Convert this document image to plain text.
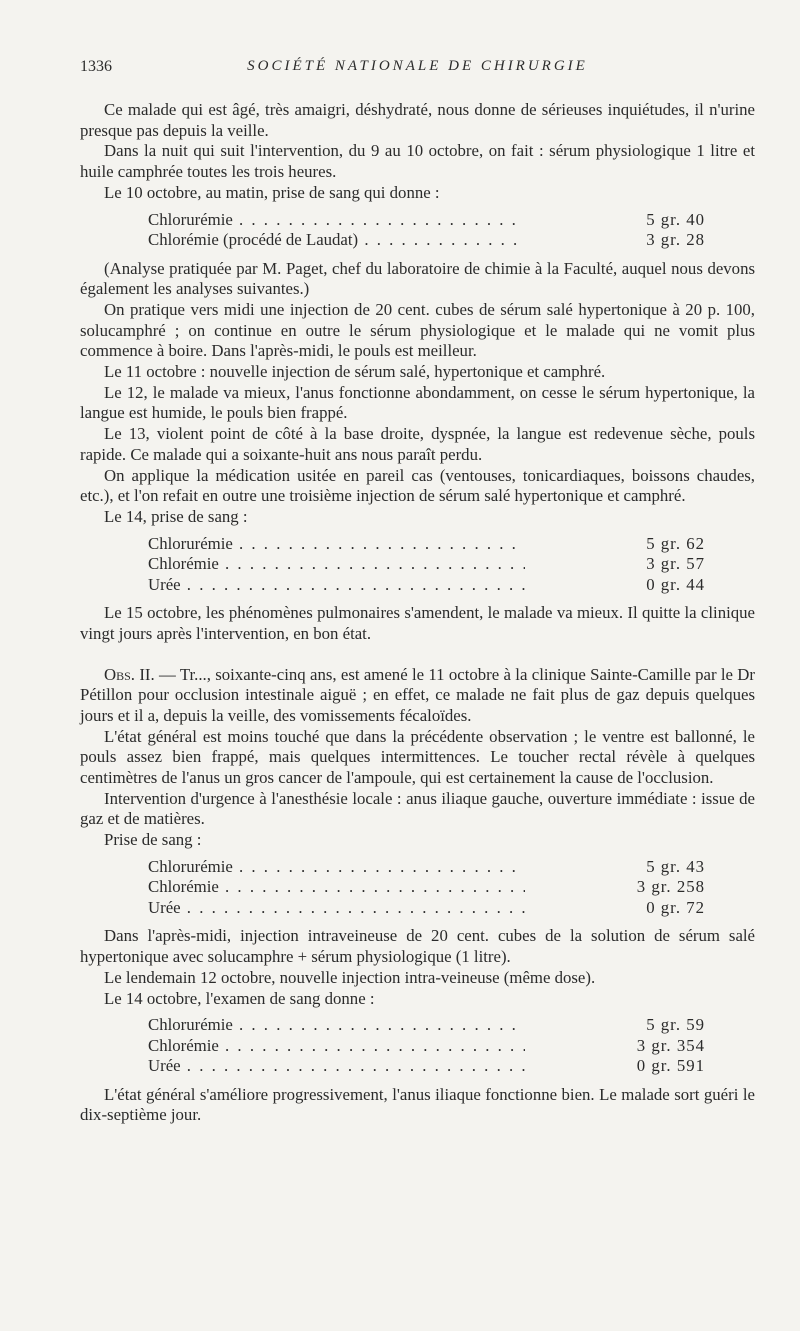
1336	SOCIÉTÉ NATIONALE DE CHIRURGIE

Ce malade qui est âgé, très amaigri, déshydraté, nous donne de sérieuses inquiétudes, il n'urine presque pas depuis la veille.

Dans la nuit qui suit l'intervention, du 9 au 10 octobre, on fait : sérum physiologique 1 litre et huile camphrée toutes les trois heures.

Le 10 octobre, au matin, prise de sang qui donne :

Chlorurémie . . .	5 gr. 40
Chlorémie (procédé de Laudat) . . .	3 gr. 28

(Analyse pratiquée par M. Paget, chef du laboratoire de chimie à la Faculté, auquel nous devons également les analyses suivantes.)

On pratique vers midi une injection de 20 cent. cubes de sérum salé hypertonique à 20 p. 100, solucamphré ; on continue en outre le sérum physiologique et le malade qui ne vomit plus commence à boire. Dans l'après-midi, le pouls est meilleur.

Le 11 octobre : nouvelle injection de sérum salé, hypertonique et camphré.

Le 12, le malade va mieux, l'anus fonctionne abondamment, on cesse le sérum hypertonique, la langue est humide, le pouls bien frappé.

Le 13, violent point de côté à la base droite, dyspnée, la langue est redevenue sèche, pouls rapide. Ce malade qui a soixante-huit ans nous paraît perdu.

On applique la médication usitée en pareil cas (ventouses, tonicardiaques, boissons chaudes, etc.), et l'on refait en outre une troisième injection de sérum salé hypertonique et camphré.

Le 14, prise de sang :

Chlorurémie . . .	5 gr. 62
Chlorémie . . .	3 gr. 57
Urée . . .	0 gr. 44

Le 15 octobre, les phénomènes pulmonaires s'amendent, le malade va mieux. Il quitte la clinique vingt jours après l'intervention, en bon état.

Obs. II. — Tr..., soixante-cinq ans, est amené le 11 octobre à la clinique Sainte-Camille par le Dr Pétillon pour occlusion intestinale aiguë ; en effet, ce malade ne fait plus de gaz depuis quelques jours et il a, depuis la veille, des vomissements fécaloïdes.

L'état général est moins touché que dans la précédente observation ; le ventre est ballonné, le pouls assez bien frappé, mais quelques intermittences. Le toucher rectal révèle à quelques centimètres de l'anus un gros cancer de l'ampoule, qui est certainement la cause de l'occlusion.

Intervention d'urgence à l'anesthésie locale : anus iliaque gauche, ouverture immédiate : issue de gaz et de matières.

Prise de sang :

Chlorurémie . . .	5 gr. 43
Chlorémie . . .	3 gr. 258
Urée . . .	0 gr. 72

Dans l'après-midi, injection intraveineuse de 20 cent. cubes de la solution de sérum salé hypertonique avec solucamphre + sérum physiologique (1 litre).

Le lendemain 12 octobre, nouvelle injection intra-veineuse (même dose).

Le 14 octobre, l'examen de sang donne :

Chlorurémie . . .	5 gr. 59
Chlorémie . . .	3 gr. 354
Urée . . .	0 gr. 591

L'état général s'améliore progressivement, l'anus iliaque fonctionne bien. Le malade sort guéri le dix-septième jour.
